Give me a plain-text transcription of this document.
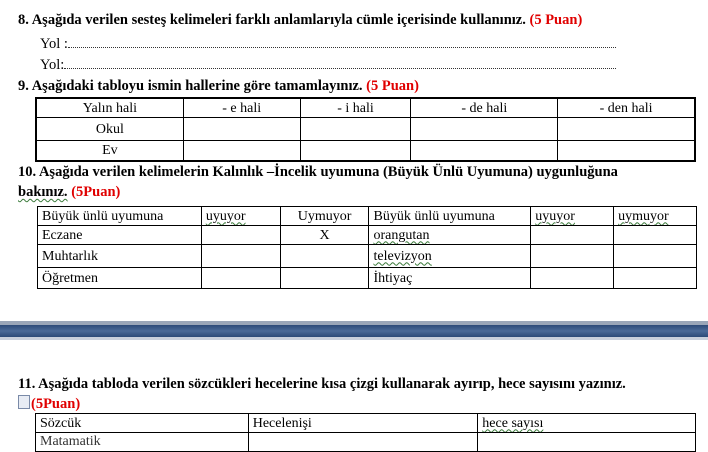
8. Aşağıda verilen sesteş kelimeleri farklı anlamlarıyla cümle içerisinde kullanınız. (5 Puan)
Yol :
Yol:
9. Aşağıdaki tabloyu ismin hallerine göre tamamlayınız. (5 Puan)
Yalın hali	- e hali	- i hali	- de hali	- den hali
Okul				
Ev				
10. Aşağıda verilen kelimelerin Kalınlık –İncelik uyumuna (Büyük Ünlü Uyumuna) uygunluğuna
bakınız. (5Puan)
Büyük ünlü uyumuna	uyuyor	Uymuyor	Büyük ünlü uyumuna	uyuyor	uymuyor
Eczane		X	orangutan		
Muhtarlık			televizyon		
Öğretmen			İhtiyaç		
11. Aşağıda tabloda verilen sözcükleri hecelerine kısa çizgi kullanarak ayırıp, hece sayısını yazınız.
(5Puan)
Sözcük	Hecelenişi	hece sayısı
Matamatik		
